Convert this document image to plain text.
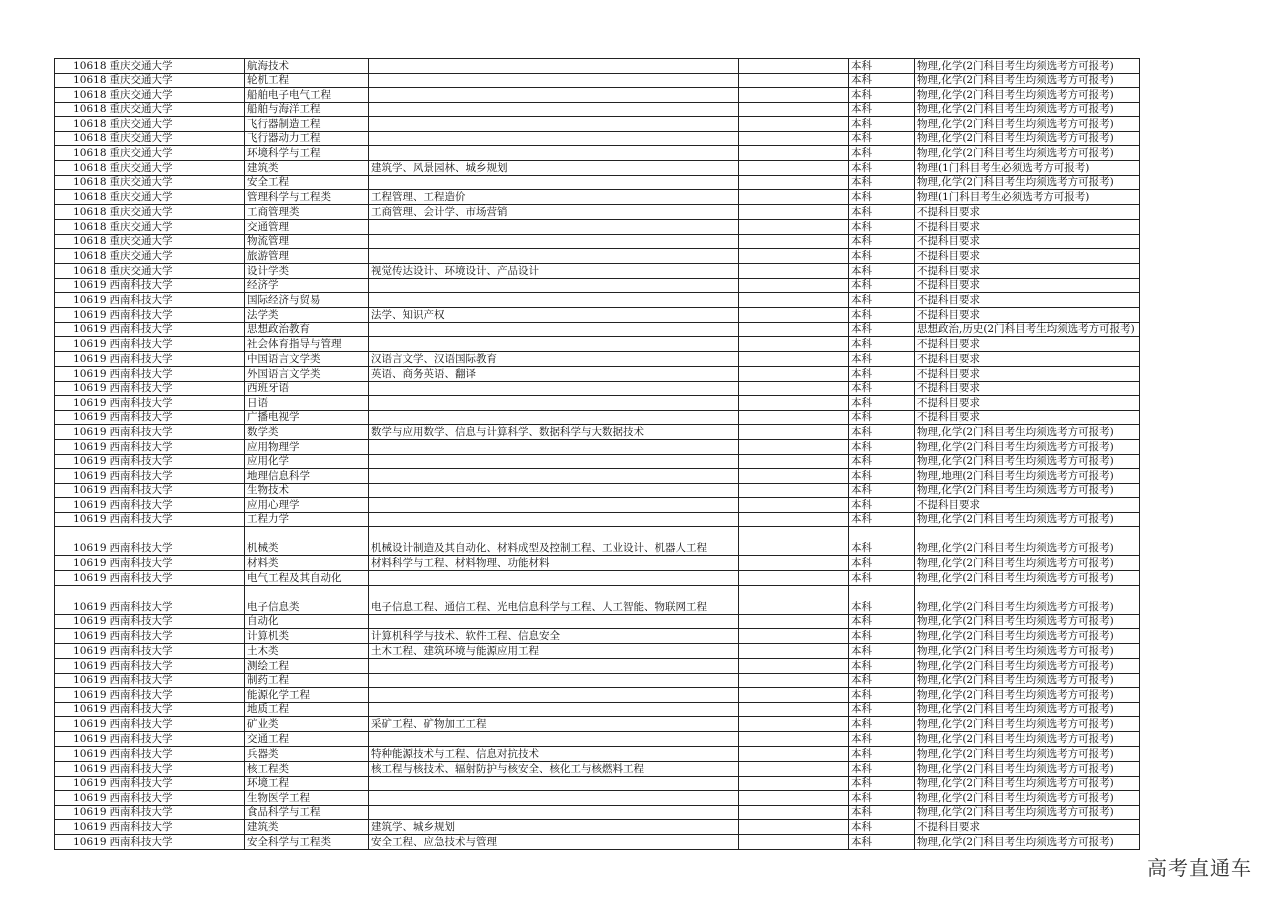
10618	重庆交通大学	航海技术			本科	物理,化学(2门科目考生均须选考方可报考)
10618	重庆交通大学	轮机工程			本科	物理,化学(2门科目考生均须选考方可报考)
10618	重庆交通大学	船舶电子电气工程			本科	物理,化学(2门科目考生均须选考方可报考)
10618	重庆交通大学	船舶与海洋工程			本科	物理,化学(2门科目考生均须选考方可报考)
10618	重庆交通大学	飞行器制造工程			本科	物理,化学(2门科目考生均须选考方可报考)
10618	重庆交通大学	飞行器动力工程			本科	物理,化学(2门科目考生均须选考方可报考)
10618	重庆交通大学	环境科学与工程			本科	物理,化学(2门科目考生均须选考方可报考)
10618	重庆交通大学	建筑类	建筑学、风景园林、城乡规划		本科	物理(1门科目考生必须选考方可报考)
10618	重庆交通大学	安全工程			本科	物理,化学(2门科目考生均须选考方可报考)
10618	重庆交通大学	管理科学与工程类	工程管理、工程造价		本科	物理(1门科目考生必须选考方可报考)
10618	重庆交通大学	工商管理类	工商管理、会计学、市场营销		本科	不提科目要求
10618	重庆交通大学	交通管理			本科	不提科目要求
10618	重庆交通大学	物流管理			本科	不提科目要求
10618	重庆交通大学	旅游管理			本科	不提科目要求
10618	重庆交通大学	设计学类	视觉传达设计、环境设计、产品设计		本科	不提科目要求
10619	西南科技大学	经济学			本科	不提科目要求
10619	西南科技大学	国际经济与贸易			本科	不提科目要求
10619	西南科技大学	法学类	法学、知识产权		本科	不提科目要求
10619	西南科技大学	思想政治教育			本科	思想政治,历史(2门科目考生均须选考方可报考)
10619	西南科技大学	社会体育指导与管理			本科	不提科目要求
10619	西南科技大学	中国语言文学类	汉语言文学、汉语国际教育		本科	不提科目要求
10619	西南科技大学	外国语言文学类	英语、商务英语、翻译		本科	不提科目要求
10619	西南科技大学	西班牙语			本科	不提科目要求
10619	西南科技大学	日语			本科	不提科目要求
10619	西南科技大学	广播电视学			本科	不提科目要求
10619	西南科技大学	数学类	数学与应用数学、信息与计算科学、数据科学与大数据技术		本科	物理,化学(2门科目考生均须选考方可报考)
10619	西南科技大学	应用物理学			本科	物理,化学(2门科目考生均须选考方可报考)
10619	西南科技大学	应用化学			本科	物理,化学(2门科目考生均须选考方可报考)
10619	西南科技大学	地理信息科学			本科	物理,地理(2门科目考生均须选考方可报考)
10619	西南科技大学	生物技术			本科	物理,化学(2门科目考生均须选考方可报考)
10619	西南科技大学	应用心理学			本科	不提科目要求
10619	西南科技大学	工程力学			本科	物理,化学(2门科目考生均须选考方可报考)
10619	西南科技大学	机械类	机械设计制造及其自动化、材料成型及控制工程、工业设计、机器人工程		本科	物理,化学(2门科目考生均须选考方可报考)
10619	西南科技大学	材料类	材料科学与工程、材料物理、功能材料		本科	物理,化学(2门科目考生均须选考方可报考)
10619	西南科技大学	电气工程及其自动化			本科	物理,化学(2门科目考生均须选考方可报考)
10619	西南科技大学	电子信息类	电子信息工程、通信工程、光电信息科学与工程、人工智能、物联网工程		本科	物理,化学(2门科目考生均须选考方可报考)
10619	西南科技大学	自动化			本科	物理,化学(2门科目考生均须选考方可报考)
10619	西南科技大学	计算机类	计算机科学与技术、软件工程、信息安全		本科	物理,化学(2门科目考生均须选考方可报考)
10619	西南科技大学	土木类	土木工程、建筑环境与能源应用工程		本科	物理,化学(2门科目考生均须选考方可报考)
10619	西南科技大学	测绘工程			本科	物理,化学(2门科目考生均须选考方可报考)
10619	西南科技大学	制药工程			本科	物理,化学(2门科目考生均须选考方可报考)
10619	西南科技大学	能源化学工程			本科	物理,化学(2门科目考生均须选考方可报考)
10619	西南科技大学	地质工程			本科	物理,化学(2门科目考生均须选考方可报考)
10619	西南科技大学	矿业类	采矿工程、矿物加工工程		本科	物理,化学(2门科目考生均须选考方可报考)
10619	西南科技大学	交通工程			本科	物理,化学(2门科目考生均须选考方可报考)
10619	西南科技大学	兵器类	特种能源技术与工程、信息对抗技术		本科	物理,化学(2门科目考生均须选考方可报考)
10619	西南科技大学	核工程类	核工程与核技术、辐射防护与核安全、核化工与核燃料工程		本科	物理,化学(2门科目考生均须选考方可报考)
10619	西南科技大学	环境工程			本科	物理,化学(2门科目考生均须选考方可报考)
10619	西南科技大学	生物医学工程			本科	物理,化学(2门科目考生均须选考方可报考)
10619	西南科技大学	食品科学与工程			本科	物理,化学(2门科目考生均须选考方可报考)
10619	西南科技大学	建筑类	建筑学、城乡规划		本科	不提科目要求
10619	西南科技大学	安全科学与工程类	安全工程、应急技术与管理		本科	物理,化学(2门科目考生均须选考方可报考)
高考直通车
